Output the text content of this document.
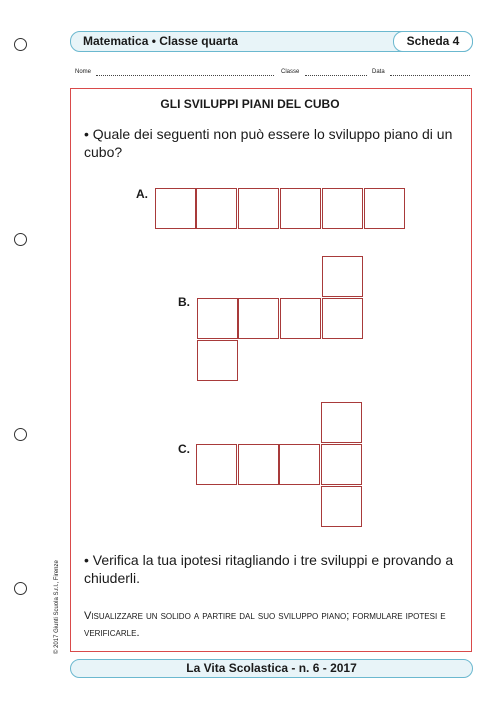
Matematica • Classe quarta	Scheda 4
Nome	Classe	Data
GLI SVILUPPI PIANI DEL CUBO
• Quale dei seguenti non può essere lo sviluppo piano di un cubo?
A.
B.
C.
• Verifica la tua ipotesi ritagliando i tre sviluppi e provando a chiuderli.
Visualizzare un solido a partire dal suo sviluppo piano; formulare ipotesi e verificarle.
© 2017 Giunti Scuola S.r.l., Firenze
La Vita Scolastica - n. 6 - 2017
